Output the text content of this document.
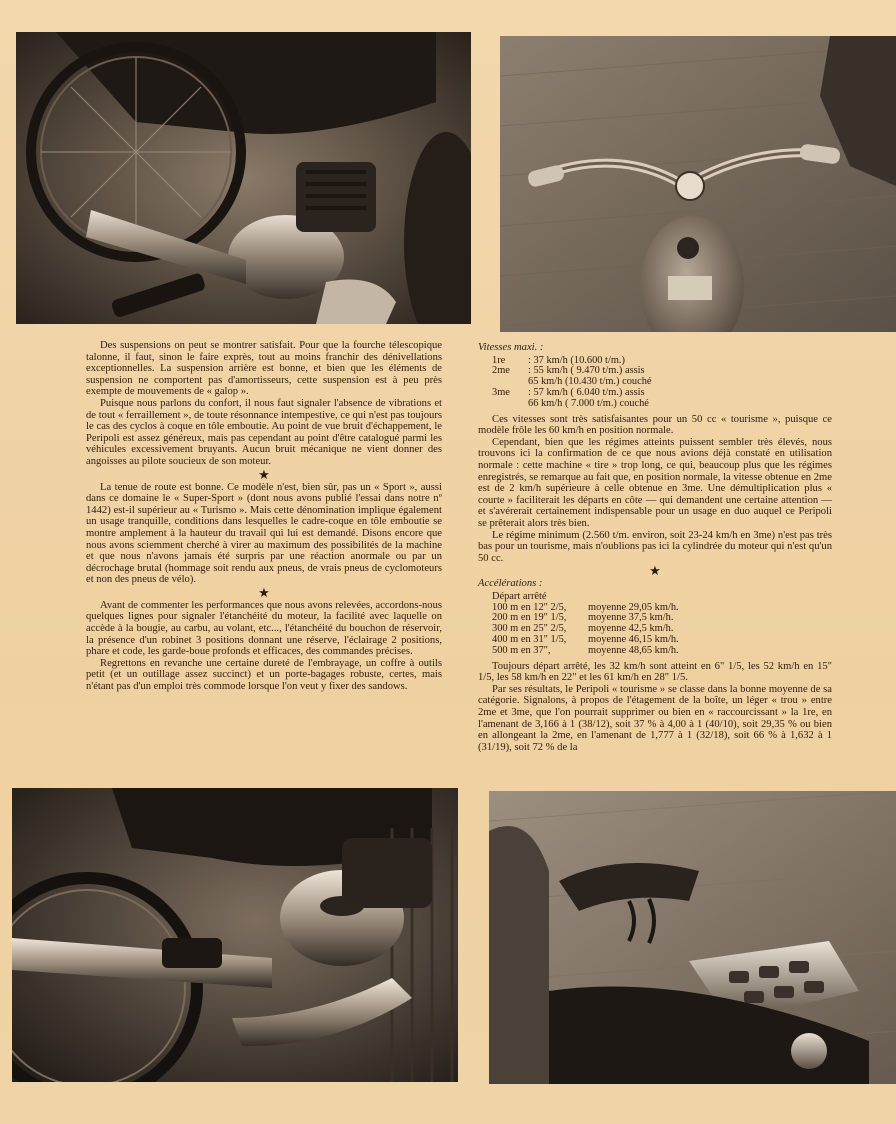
Des suspensions on peut se montrer satisfait. Pour que la fourche télescopique talonne, il faut, sinon le faire exprès, tout au moins franchir des dénivellations exceptionnelles. La suspension arrière est bonne, et bien que les éléments de suspension ne comportent pas d'amortisseurs, cette suspension est à peu près exempte de mouvements de « galop ».

Puisque nous parlons du confort, il nous faut signaler l'absence de vibrations et de tout « ferraillement », de toute résonnance intempestive, ce qui n'est pas toujours le cas des cyclos à coque en tôle emboutie. Au point de vue bruit d'échappement, le Peripoli est assez généreux, mais pas cependant au point d'être catalogué parmi les véhicules excessivement bruyants. Aucun bruit mécanique ne vient donner des angoisses au pilote soucieux de son moteur.

★

La tenue de route est bonne. Ce modèle n'est, bien sûr, pas un « Sport », aussi dans ce domaine le « Super-Sport » (dont nous avons publié l'essai dans notre nº 1442) est-il supérieur au « Turismo ». Mais cette dénomination implique également un usage tranquille, conditions dans lesquelles le cadre-coque en tôle emboutie se montre amplement à la hauteur du travail qui lui est demandé. Disons encore que nous avons sciemment cherché à virer au maximum des possibilités de la machine et que nous n'avons jamais été surpris par une réaction anormale ou par un décrochage brutal (hommage soit rendu aux pneus, de vrais pneus de cyclomoteurs et non des pneus de vélo).

★

Avant de commenter les performances que nous avons relevées, accordons-nous quelques lignes pour signaler l'étanchéité du moteur, la facilité avec laquelle on accède à la bougie, au carbu, au volant, etc..., l'étanchéité du bouchon de réservoir, la présence d'un robinet 3 positions donnant une réserve, l'éclairage 2 positions, phare et code, les garde-boue profonds et efficaces, des commandes précises.

Regrettons en revanche une certaine dureté de l'embrayage, un coffre à outils petit (et un outillage assez succinct) et un porte-bagages robuste, certes, mais n'étant pas d'un emploi très commode lorsque l'on veut y fixer des sandows.

Vitesses maxi. :

1re	: 37 km/h (10.600 t/m.)
2me	: 55 km/h ( 9.470 t/m.) assis
65 km/h (10.430 t/m.) couché
3me	: 57 km/h ( 6.040 t/m.) assis
66 km/h ( 7.000 t/m.) couché

Ces vitesses sont très satisfaisantes pour un 50 cc « tourisme », puisque ce modèle frôle les 60 km/h en position normale.

Cependant, bien que les régimes atteints puissent sembler très élevés, nous trouvons ici la confirmation de ce que nous avions déjà constaté en utilisation normale : cette machine « tire » trop long, ce qui, beaucoup plus que les régimes enregistrés, se remarque au fait que, en position normale, la vitesse obtenue en 2me est de 2 km/h supérieure à celle obtenue en 3me. Une démultiplication plus « courte » faciliterait les départs en côte — qui demandent une certaine attention — et s'avérerait certainement indispensable pour un usage en duo auquel ce Peripoli se prêterait alors très bien.

Le régime minimum (2.560 t/m. environ, soit 23-24 km/h en 3me) n'est pas très bas pour un tourisme, mais n'oublions pas ici la cylindrée du moteur qui n'est qu'un 50 cc.

★

Accélérations :

Départ arrêté
100 m en 12" 2/5,	moyenne 29,05 km/h.
200 m en 19" 1/5,	moyenne 37,5 km/h.
300 m en 25" 2/5,	moyenne 42,5 km/h.
400 m en 31" 1/5,	moyenne 46,15 km/h.
500 m en 37",	moyenne 48,65 km/h.

Toujours départ arrêté, les 32 km/h sont atteint en 6" 1/5, les 52 km/h en 15" 1/5, les 58 km/h en 22" et les 61 km/h en 28" 1/5.

Par ses résultats, le Peripoli « tourisme » se classe dans la bonne moyenne de sa catégorie. Signalons, à propos de l'étagement de la boîte, un léger « trou » entre 2me et 3me, que l'on pourrait supprimer ou bien en « raccourcissant » la 1re, en l'amenant de 3,166 à 1 (38/12), soit 37 % à 4,00 à 1 (40/10), soit 29,35 % ou bien en allongeant la 2me, en l'amenant de 1,777 à 1 (32/18), soit 66 % à 1,632 à 1 (31/19), soit 72 % de la
